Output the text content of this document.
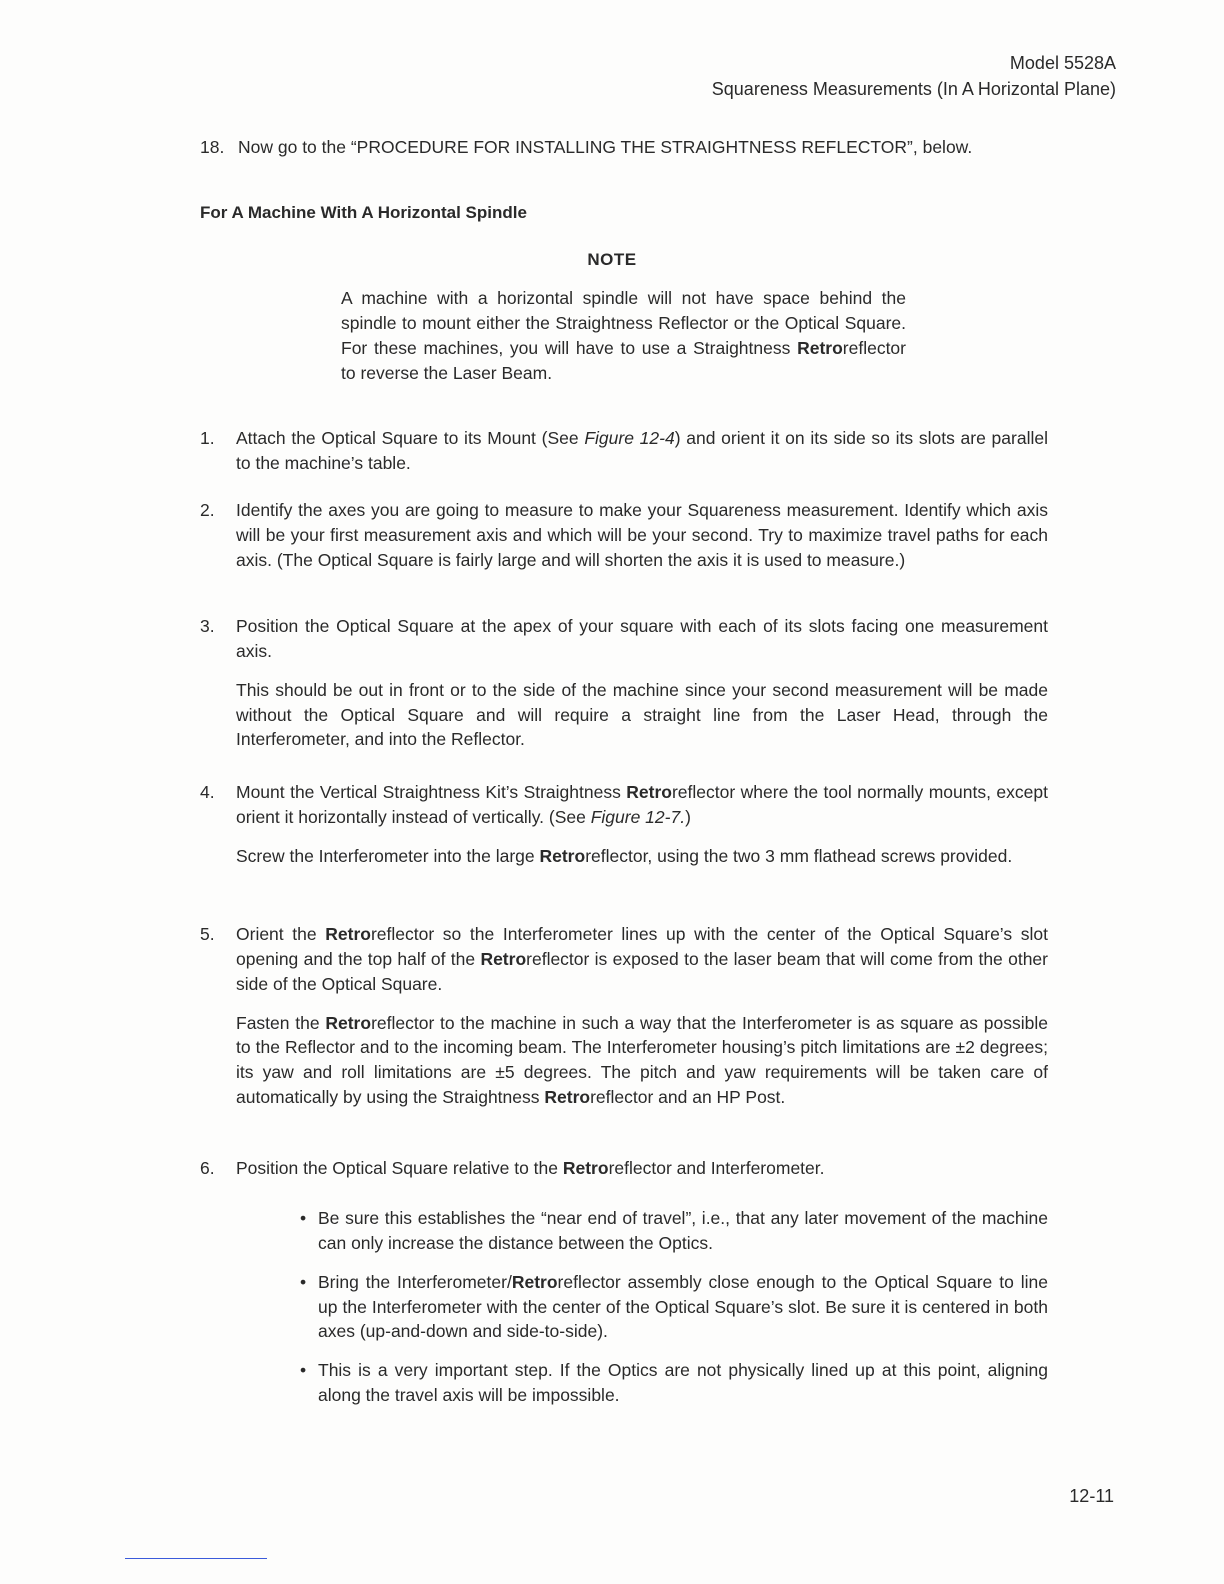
Model 5528A
Squareness Measurements (In A Horizontal Plane)
18. Now go to the “PROCEDURE FOR INSTALLING THE STRAIGHTNESS REFLECTOR”, below.
For A Machine With A Horizontal Spindle
NOTE
A machine with a horizontal spindle will not have space behind the spindle to mount either the Straightness Reflector or the Optical Square. For these machines, you will have to use a Straightness Retroreflector to reverse the Laser Beam.
1. Attach the Optical Square to its Mount (See Figure 12-4) and orient it on its side so its slots are parallel to the machine’s table.

2. Identify the axes you are going to measure to make your Squareness measurement. Identify which axis will be your first measurement axis and which will be your second. Try to maximize travel paths for each axis. (The Optical Square is fairly large and will shorten the axis it is used to measure.)

3. Position the Optical Square at the apex of your square with each of its slots facing one measurement axis.

This should be out in front or to the side of the machine since your second measurement will be made without the Optical Square and will require a straight line from the Laser Head, through the Interferometer, and into the Reflector.

4. Mount the Vertical Straightness Kit’s Straightness Retroreflector where the tool normally mounts, except orient it horizontally instead of vertically. (See Figure 12-7.)

Screw the Interferometer into the large Retroreflector, using the two 3 mm flathead screws provided.

5. Orient the Retroreflector so the Interferometer lines up with the center of the Optical Square’s slot opening and the top half of the Retroreflector is exposed to the laser beam that will come from the other side of the Optical Square.

Fasten the Retroreflector to the machine in such a way that the Interferometer is as square as possible to the Reflector and to the incoming beam. The Interferometer housing’s pitch limitations are ±2 degrees; its yaw and roll limitations are ±5 degrees. The pitch and yaw requirements will be taken care of automatically by using the Straightness Retroreflector and an HP Post.

6. Position the Optical Square relative to the Retroreflector and Interferometer.

• Be sure this establishes the “near end of travel”, i.e., that any later movement of the machine can only increase the distance between the Optics.
• Bring the Interferometer/Retroreflector assembly close enough to the Optical Square to line up the Interferometer with the center of the Optical Square’s slot. Be sure it is centered in both axes (up-and-down and side-to-side).
• This is a very important step. If the Optics are not physically lined up at this point, aligning along the travel axis will be impossible.
12-11
